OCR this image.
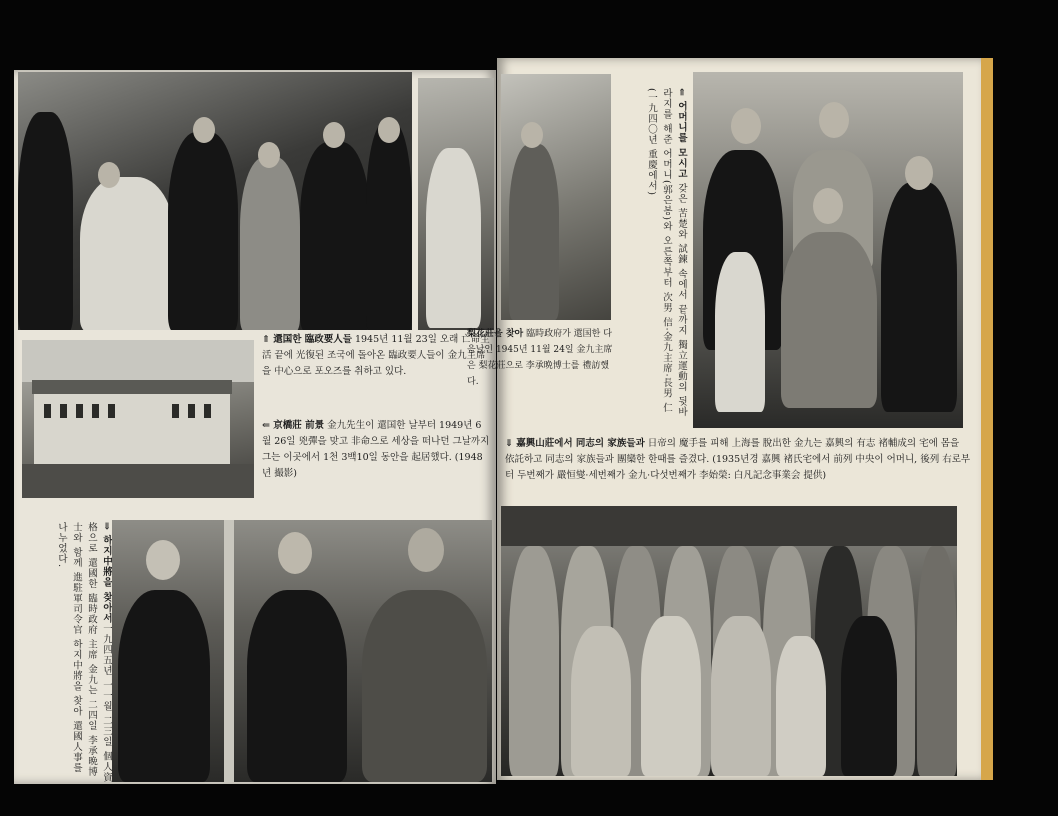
⇑ 還国한 臨政要人들 1945년 11월 23일 오래 亡命生活 끝에 光復된 조국에 돌아온 臨政要人들이 金九主席을 中心으로 포오즈를 취하고 있다.
⇐ 京橋莊 前景 金九先生이 還国한 날부터 1949년 6월 26일 兇彈을 맞고 非命으로 세상을 떠나던 그날까지 그는 이곳에서 1천 3백10일 동안을 起居했다. (1948년 撮影)
⇒ 하지中將을 찾아서一九四五년 一一월 二三일 個人資格으로 還國한 臨時政府 主席 金九는 二四일 李承晩博士와 함께 進駐軍司令官 하지中將을 찾아 還國人事를 나누었다.
梨花莊을 찾아 臨時政府가 還国한 다음날인 1945년 11월 24일 金九主席은 梨花莊으로 李承晩博士를 禮訪했다.
⇐ 어머니를 모시고 갖은 苦楚와 試鍊 속에서 끝까지 獨立運動의 뒷바라지를 해준 어머니(郭은봉)와 오른쪽부터 次男 信·金九主席·長男 仁(一九四〇년 重慶에서)
⇓ 嘉興山莊에서 同志의 家族들과 日帝의 魔手를 피해 上海를 脫出한 金九는 嘉興의 有志 褚輔成의 宅에 몸을 依託하고 同志의 家族들과 團欒한 한때를 즐겼다. (1935년경 嘉興 褚氏宅에서 前列 中央이 어머니, 後列 右로부터 두번째가 嚴恒燮·세번째가 金九·다섯번째가 李始榮: 白凡記念事業会 提供)
